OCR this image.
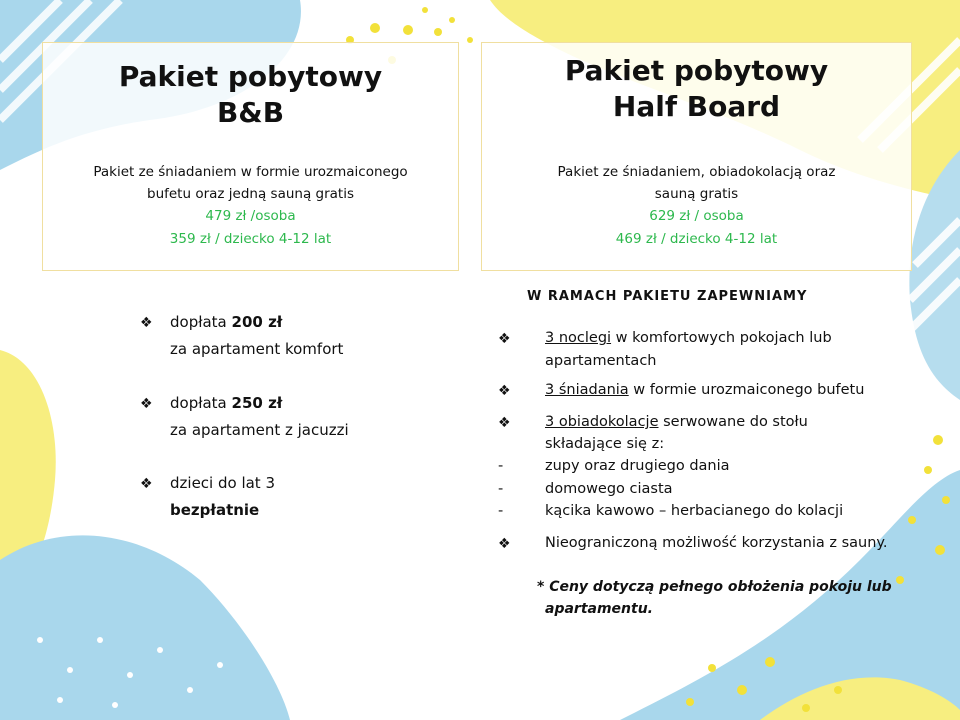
Pakiet pobytowy
B&B
Pakiet ze śniadaniem w formie urozmaiconego
bufetu oraz jedną sauną gratis
479 zł /osoba
359 zł / dziecko 4-12 lat
Pakiet pobytowy
Half Board
Pakiet ze śniadaniem, obiadokolacją oraz
sauną gratis
629 zł / osoba
469 zł / dziecko 4-12 lat
❖ dopłata 200 zł
za apartament komfort
❖ dopłata 250 zł
za apartament z jacuzzi
❖ dzieci do lat 3
bezpłatnie
W RAMACH PAKIETU ZAPEWNIAMY
❖ 3 noclegi w komfortowych pokojach lub
apartamentach
❖ 3 śniadania w formie urozmaiconego bufetu
❖ 3 obiadokolacje serwowane do stołu
składające się z:
-	zupy oraz drugiego dania
-	domowego ciasta
-	kącika kawowo – herbacianego do kolacji
❖ Nieograniczoną możliwość korzystania z sauny.
* Ceny dotyczą pełnego obłożenia pokoju lub
apartamentu.
